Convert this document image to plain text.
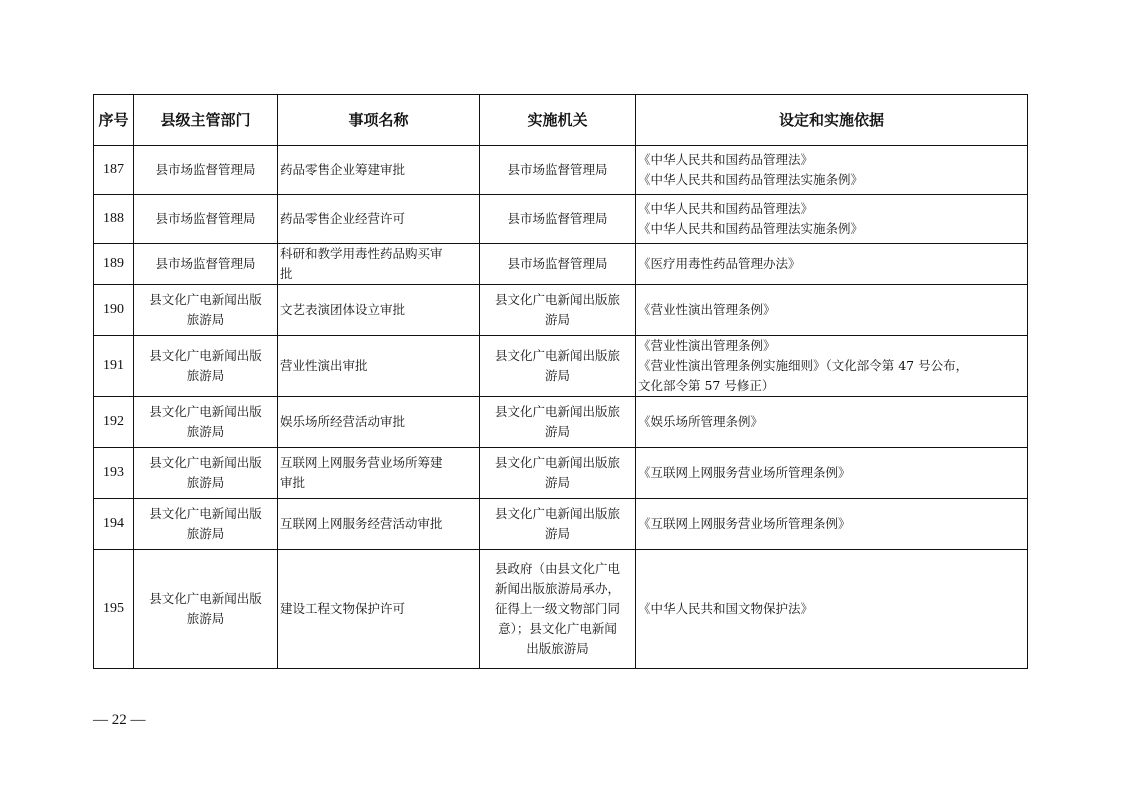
序号	县级主管部门	事项名称	实施机关	设定和实施依据
187	县市场监督管理局	药品零售企业筹建审批	县市场监督管理局	《中华人民共和国药品管理法》
《中华人民共和国药品管理法实施条例》

188	县市场监督管理局	药品零售企业经营许可	县市场监督管理局	《中华人民共和国药品管理法》
《中华人民共和国药品管理法实施条例》

189	县市场监督管理局	科研和教学用毒性药品购买审
批	县市场监督管理局	《医疗用毒性药品管理办法》

190	县文化广电新闻出版
旅游局	文艺表演团体设立审批	县文化广电新闻出版旅
游局	《营业性演出管理条例》

191	县文化广电新闻出版
旅游局	营业性演出审批	县文化广电新闻出版旅
游局	《营业性演出管理条例》
《营业性演出管理条例实施细则》（文化部令第 47 号公布，
文化部令第 57 号修正）

192	县文化广电新闻出版
旅游局	娱乐场所经营活动审批	县文化广电新闻出版旅
游局	《娱乐场所管理条例》

193	县文化广电新闻出版
旅游局	互联网上网服务营业场所筹建
审批	县文化广电新闻出版旅
游局	《互联网上网服务营业场所管理条例》

194	县文化广电新闻出版
旅游局	互联网上网服务经营活动审批	县文化广电新闻出版旅
游局	《互联网上网服务营业场所管理条例》

195	县文化广电新闻出版
旅游局	建设工程文物保护许可	县政府（由县文化广电
新闻出版旅游局承办，
征得上一级文物部门同
意）；县文化广电新闻
出版旅游局	《中华人民共和国文物保护法》
— 22 —
